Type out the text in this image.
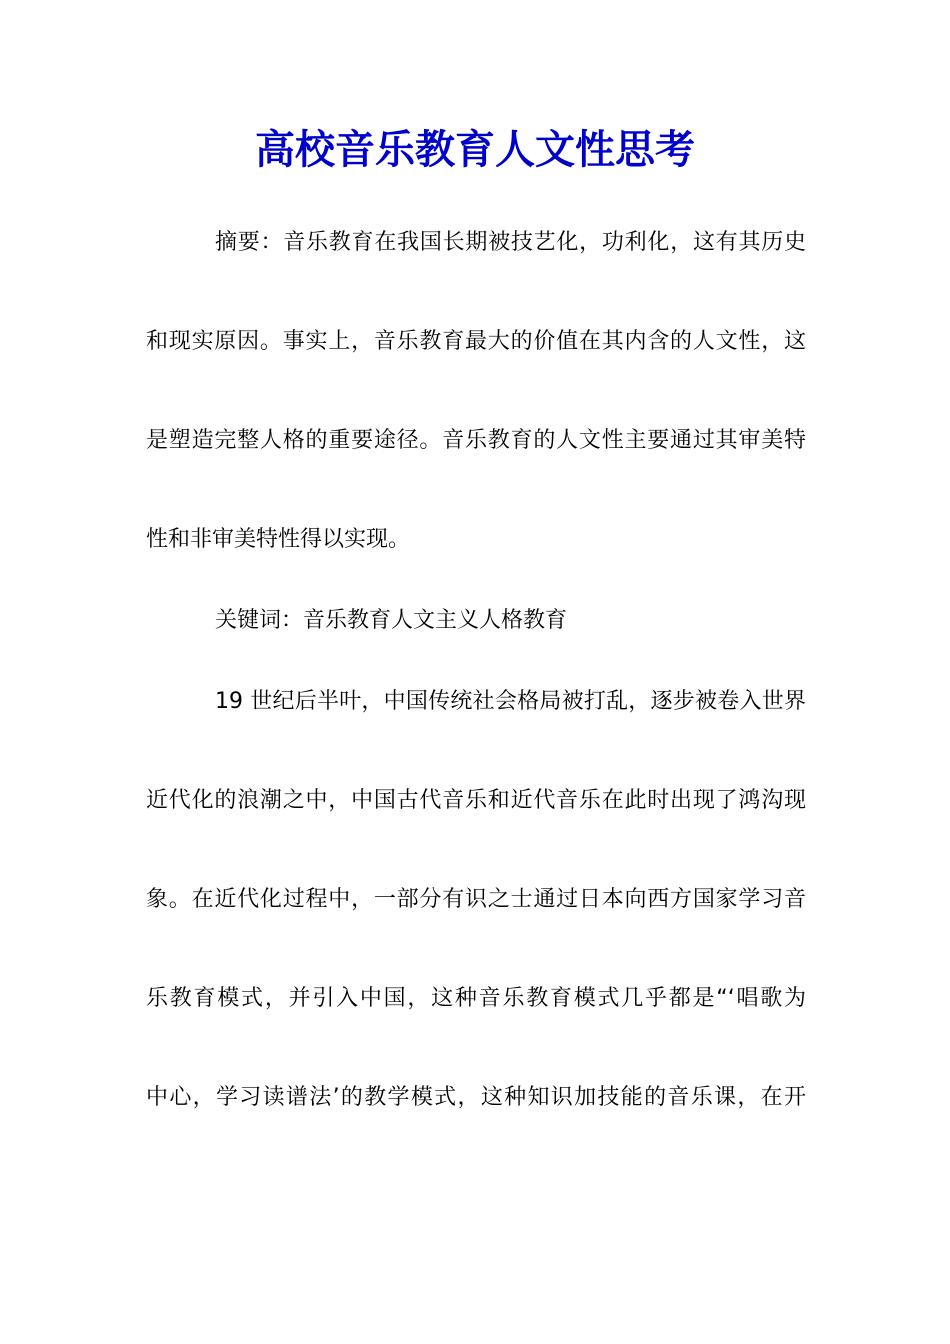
高校音乐教育人文性思考
摘要：音乐教育在我国长期被技艺化，功利化，这有其历史
和现实原因。事实上，音乐教育最大的价值在其内含的人文性，这
是塑造完整人格的重要途径。音乐教育的人文性主要通过其审美特
性和非审美特性得以实现。
关键词：音乐教育人文主义人格教育
19 世纪后半叶，中国传统社会格局被打乱，逐步被卷入世界
近代化的浪潮之中，中国古代音乐和近代音乐在此时出现了鸿沟现
象。在近代化过程中，一部分有识之士通过日本向西方国家学习音
乐教育模式，并引入中国，这种音乐教育模式几乎都是“‘唱歌为
中心，学习读谱法’的教学模式，这种知识加技能的音乐课，在开
